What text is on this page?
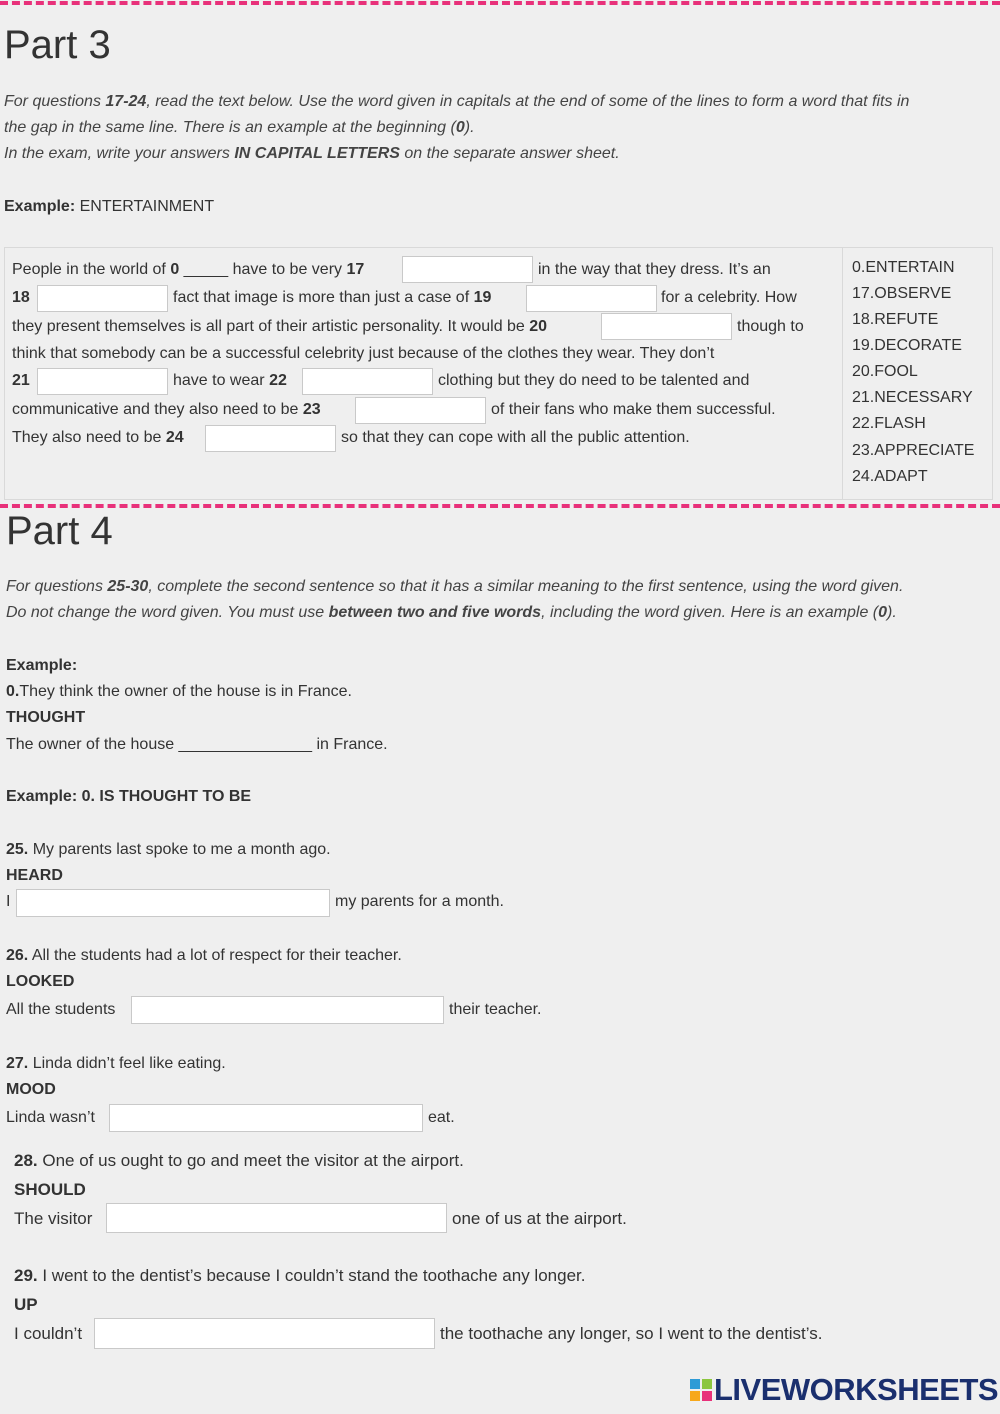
Part 3
For questions 17-24, read the text below. Use the word given in capitals at the end of some of the lines to form a word that fits in
the gap in the same line. There is an example at the beginning (0).
In the exam, write your answers IN CAPITAL LETTERS on the separate answer sheet.
Example: ENTERTAINMENT
People in the world of 0 _____ have to be very 17	in the way that they dress. It’s an
18	fact that image is more than just a case of 19	for a celebrity. How
they present themselves is all part of their artistic personality. It would be 20	though to
think that somebody can be a successful celebrity just because of the clothes they wear. They don’t
21	have to wear 22	clothing but they do need to be talented and
communicative and they also need to be 23	of their fans who make them successful.
They also need to be 24	so that they can cope with all the public attention.
0.ENTERTAIN
17.OBSERVE
18.REFUTE
19.DECORATE
20.FOOL
21.NECESSARY
22.FLASH
23.APPRECIATE
24.ADAPT
Part 4
For questions 25-30, complete the second sentence so that it has a similar meaning to the first sentence, using the word given.
Do not change the word given. You must use between two and five words, including the word given. Here is an example (0).
Example:
0.They think the owner of the house is in France.
THOUGHT
The owner of the house _______________ in France.
Example: 0. IS THOUGHT TO BE
25. My parents last spoke to me a month ago.
HEARD
I	my parents for a month.
26. All the students had a lot of respect for their teacher.
LOOKED
All the students	their teacher.
27. Linda didn’t feel like eating.
MOOD
Linda wasn’t	eat.
28. One of us ought to go and meet the visitor at the airport.
SHOULD
The visitor	one of us at the airport.
29. I went to the dentist’s because I couldn’t stand the toothache any longer.
UP
I couldn’t	the toothache any longer, so I went to the dentist’s.
LIVEWORKSHEETS
